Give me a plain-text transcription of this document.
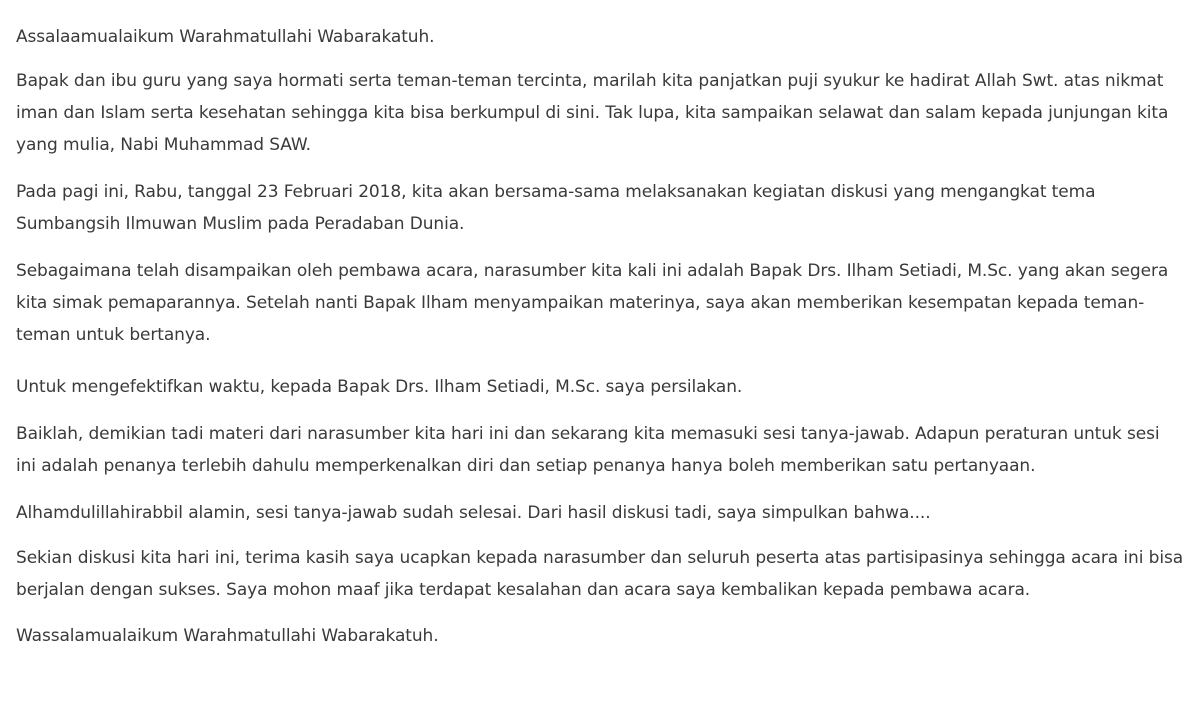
Assalaamualaikum Warahmatullahi Wabarakatuh.

Bapak dan ibu guru yang saya hormati serta teman-teman tercinta, marilah kita panjatkan puji syukur ke hadirat Allah Swt. atas nikmat iman dan Islam serta kesehatan sehingga kita bisa berkumpul di sini. Tak lupa, kita sampaikan selawat dan salam kepada junjungan kita yang mulia, Nabi Muhammad SAW.

Pada pagi ini, Rabu, tanggal 23 Februari 2018, kita akan bersama-sama melaksanakan kegiatan diskusi yang mengangkat tema Sumbangsih Ilmuwan Muslim pada Peradaban Dunia.

Sebagaimana telah disampaikan oleh pembawa acara, narasumber kita kali ini adalah Bapak Drs. Ilham Setiadi, M.Sc. yang akan segera kita simak pemaparannya. Setelah nanti Bapak Ilham menyampaikan materinya, saya akan memberikan kesempatan kepada teman-teman untuk bertanya.

Untuk mengefektifkan waktu, kepada Bapak Drs. Ilham Setiadi, M.Sc. saya persilakan.

Baiklah, demikian tadi materi dari narasumber kita hari ini dan sekarang kita memasuki sesi tanya-jawab. Adapun peraturan untuk sesi ini adalah penanya terlebih dahulu memperkenalkan diri dan setiap penanya hanya boleh memberikan satu pertanyaan.

Alhamdulillahirabbil alamin, sesi tanya-jawab sudah selesai. Dari hasil diskusi tadi, saya simpulkan bahwa....

Sekian diskusi kita hari ini, terima kasih saya ucapkan kepada narasumber dan seluruh peserta atas partisipasinya sehingga acara ini bisa berjalan dengan sukses. Saya mohon maaf jika terdapat kesalahan dan acara saya kembalikan kepada pembawa acara.

Wassalamualaikum Warahmatullahi Wabarakatuh.
